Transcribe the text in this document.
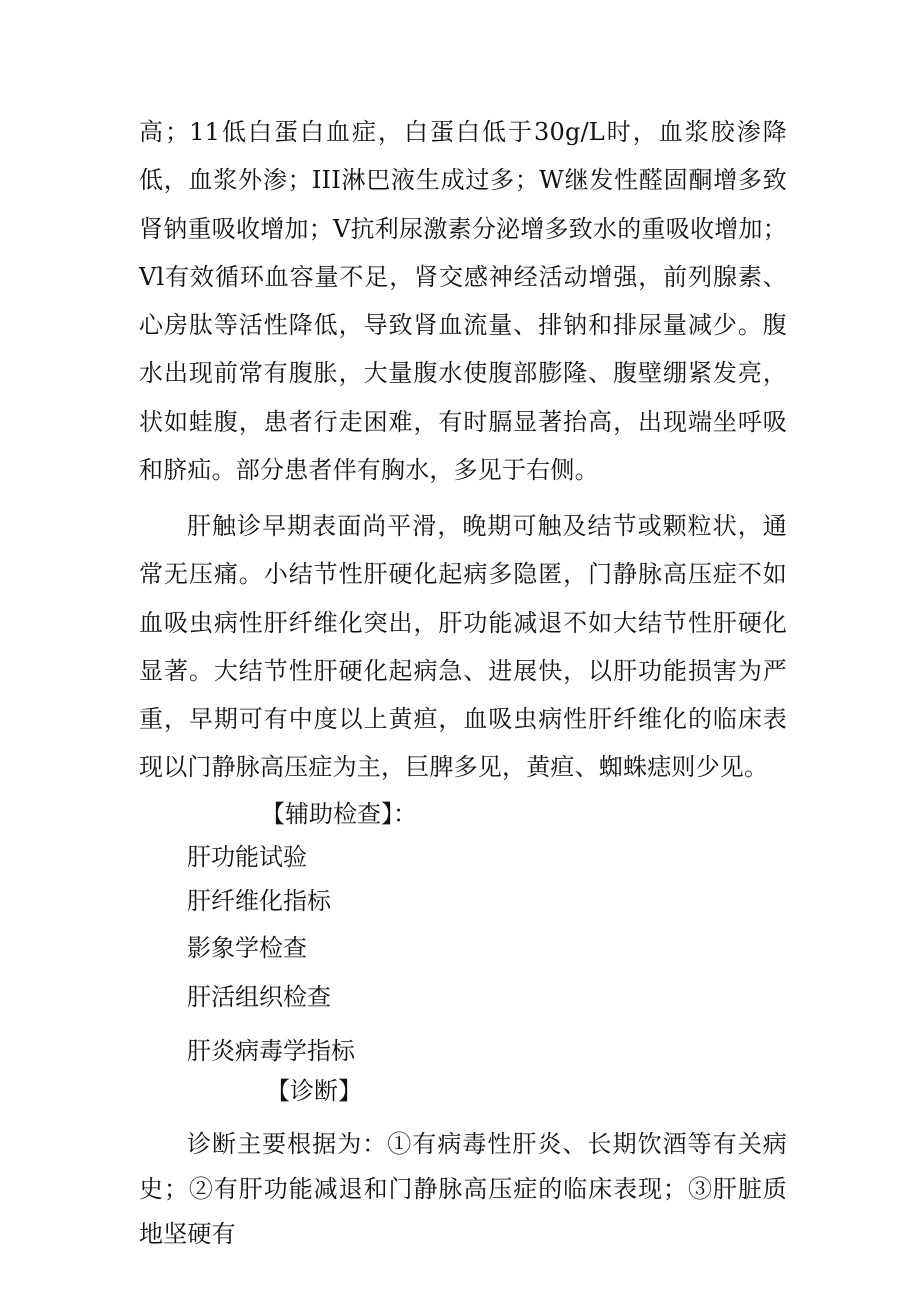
高；11低白蛋白血症，白蛋白低于30g/L时，血浆胶渗降低，血浆外渗；III淋巴液生成过多；W继发性醛固酮增多致肾钠重吸收增加；V抗利尿激素分泌增多致水的重吸收增加；Vl有效循环血容量不足，肾交感神经活动增强，前列腺素、心房肽等活性降低，导致肾血流量、排钠和排尿量减少。腹水出现前常有腹胀，大量腹水使腹部膨隆、腹壁绷紧发亮，状如蛙腹，患者行走困难，有时膈显著抬高，出现端坐呼吸和脐疝。部分患者伴有胸水，多见于右侧。

肝触诊早期表面尚平滑，晚期可触及结节或颗粒状，通常无压痛。小结节性肝硬化起病多隐匿，门静脉高压症不如血吸虫病性肝纤维化突出，肝功能减退不如大结节性肝硬化显著。大结节性肝硬化起病急、进展快，以肝功能损害为严重，早期可有中度以上黄疸，血吸虫病性肝纤维化的临床表现以门静脉高压症为主，巨脾多见，黄疸、蜘蛛痣则少见。

【辅助检查】：

肝功能试验

肝纤维化指标

影象学检查

肝活组织检查

肝炎病毒学指标

【诊断】

诊断主要根据为：①有病毒性肝炎、长期饮酒等有关病史；②有肝功能减退和门静脉高压症的临床表现；③肝脏质地坚硬有
